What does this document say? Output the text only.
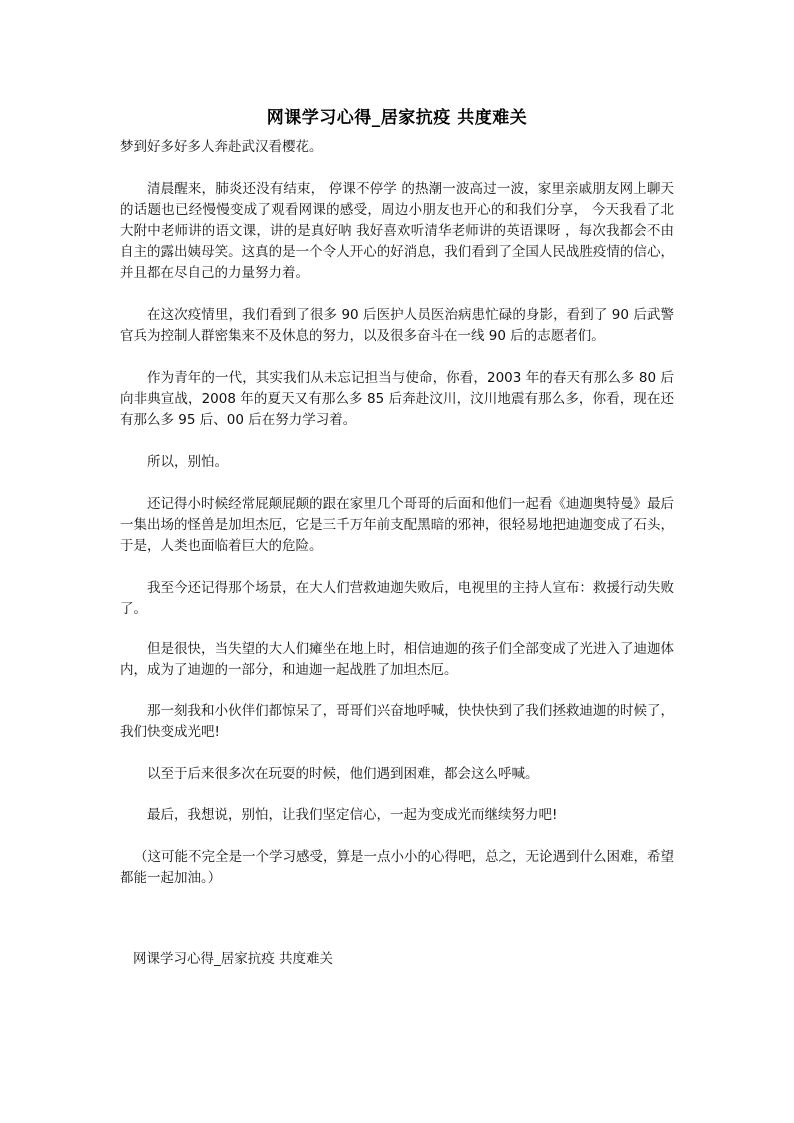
网课学习心得_居家抗疫 共度难关
梦到好多好多人奔赴武汉看樱花。
清晨醒来，肺炎还没有结束， 停课不停学 的热潮一波高过一波，家里亲戚朋友网上聊天的话题也已经慢慢变成了观看网课的感受，周边小朋友也开心的和我们分享， 今天我看了北大附中老师讲的语文课，讲的是真好呐 我好喜欢听清华老师讲的英语课呀 ，每次我都会不由自主的露出姨母笑。这真的是一个令人开心的好消息，我们看到了全国人民战胜疫情的信心，并且都在尽自己的力量努力着。
在这次疫情里，我们看到了很多 90 后医护人员医治病患忙碌的身影，看到了 90 后武警官兵为控制人群密集来不及休息的努力，以及很多奋斗在一线 90 后的志愿者们。
作为青年的一代，其实我们从未忘记担当与使命，你看，2003 年的春天有那么多 80 后向非典宣战，2008 年的夏天又有那么多 85 后奔赴汶川，汶川地震有那么多，你看，现在还有那么多 95 后、00 后在努力学习着。
所以，别怕。
还记得小时候经常屁颠屁颠的跟在家里几个哥哥的后面和他们一起看《迪迦奥特曼》最后一集出场的怪兽是加坦杰厄，它是三千万年前支配黑暗的邪神，很轻易地把迪迦变成了石头，于是，人类也面临着巨大的危险。
我至今还记得那个场景，在大人们营救迪迦失败后，电视里的主持人宣布：救援行动失败了。
但是很快，当失望的大人们瘫坐在地上时，相信迪迦的孩子们全部变成了光进入了迪迦体内，成为了迪迦的一部分，和迪迦一起战胜了加坦杰厄。
那一刻我和小伙伴们都惊呆了，哥哥们兴奋地呼喊，快快快到了我们拯救迪迦的时候了，我们快变成光吧!
以至于后来很多次在玩耍的时候，他们遇到困难，都会这么呼喊。
最后，我想说，别怕，让我们坚定信心，一起为变成光而继续努力吧!
（这可能不完全是一个学习感受，算是一点小小的心得吧，总之，无论遇到什么困难，希望都能一起加油。）
网课学习心得_居家抗疫 共度难关
